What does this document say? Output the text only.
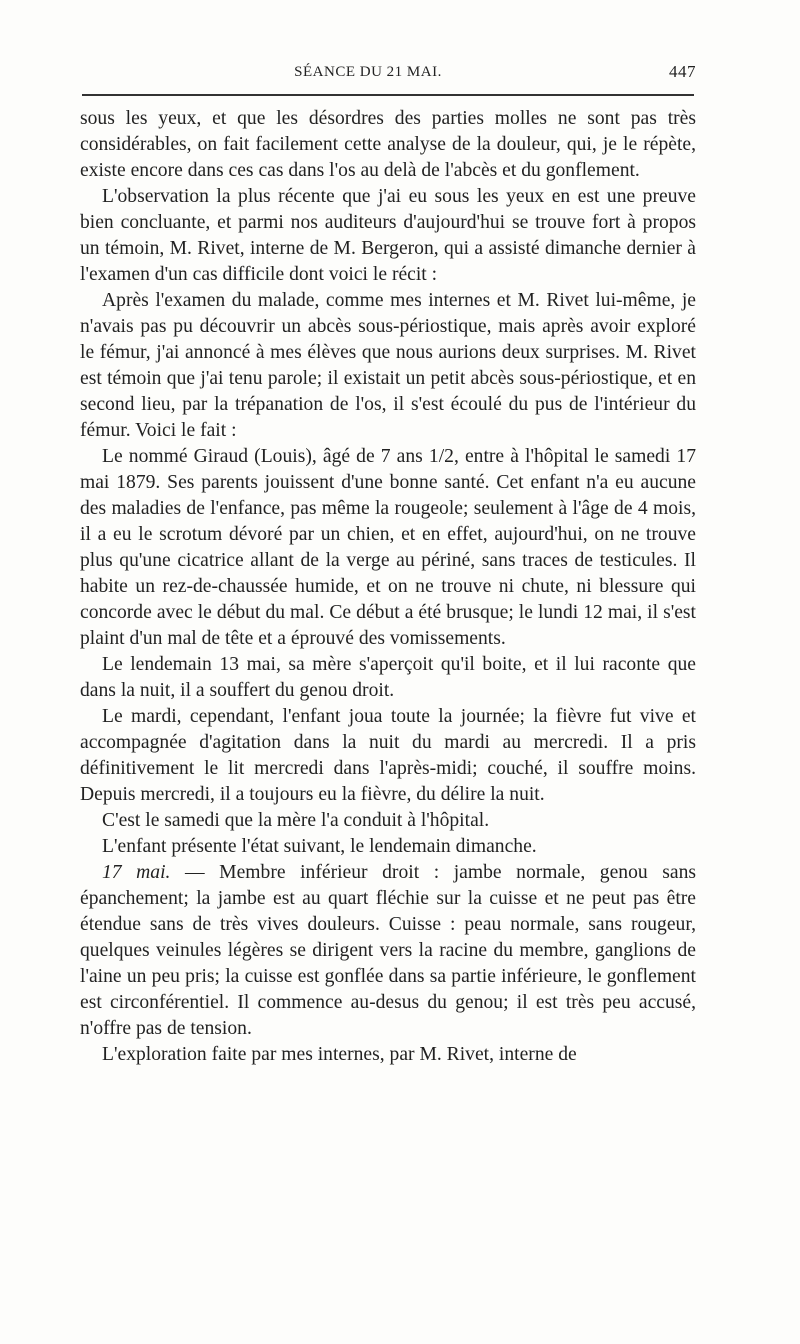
SÉANCE DU 21 MAI.	447

sous les yeux, et que les désordres des parties molles ne sont pas très considérables, on fait facilement cette analyse de la douleur, qui, je le répète, existe encore dans ces cas dans l'os au delà de l'abcès et du gonflement.

L'observation la plus récente que j'ai eu sous les yeux en est une preuve bien concluante, et parmi nos auditeurs d'aujourd'hui se trouve fort à propos un témoin, M. Rivet, interne de M. Bergeron, qui a assisté dimanche dernier à l'examen d'un cas difficile dont voici le récit :

Après l'examen du malade, comme mes internes et M. Rivet lui-même, je n'avais pas pu découvrir un abcès sous-périostique, mais après avoir exploré le fémur, j'ai annoncé à mes élèves que nous aurions deux surprises. M. Rivet est témoin que j'ai tenu parole; il existait un petit abcès sous-périostique, et en second lieu, par la trépanation de l'os, il s'est écoulé du pus de l'intérieur du fémur. Voici le fait :

Le nommé Giraud (Louis), âgé de 7 ans 1/2, entre à l'hôpital le samedi 17 mai 1879. Ses parents jouissent d'une bonne santé. Cet enfant n'a eu aucune des maladies de l'enfance, pas même la rougeole; seulement à l'âge de 4 mois, il a eu le scrotum dévoré par un chien, et en effet, aujourd'hui, on ne trouve plus qu'une cicatrice allant de la verge au périné, sans traces de testicules. Il habite un rez-de-chaussée humide, et on ne trouve ni chute, ni blessure qui concorde avec le début du mal. Ce début a été brusque; le lundi 12 mai, il s'est plaint d'un mal de tête et a éprouvé des vomissements.

Le lendemain 13 mai, sa mère s'aperçoit qu'il boite, et il lui raconte que dans la nuit, il a souffert du genou droit.

Le mardi, cependant, l'enfant joua toute la journée; la fièvre fut vive et accompagnée d'agitation dans la nuit du mardi au mercredi. Il a pris définitivement le lit mercredi dans l'après-midi; couché, il souffre moins. Depuis mercredi, il a toujours eu la fièvre, du délire la nuit.

C'est le samedi que la mère l'a conduit à l'hôpital.

L'enfant présente l'état suivant, le lendemain dimanche.

17 mai. — Membre inférieur droit : jambe normale, genou sans épanchement; la jambe est au quart fléchie sur la cuisse et ne peut pas être étendue sans de très vives douleurs. Cuisse : peau normale, sans rougeur, quelques veinules légères se dirigent vers la racine du membre, ganglions de l'aine un peu pris; la cuisse est gonflée dans sa partie inférieure, le gonflement est circonférentiel. Il commence au-desus du genou; il est très peu accusé, n'offre pas de tension.

L'exploration faite par mes internes, par M. Rivet, interne de
